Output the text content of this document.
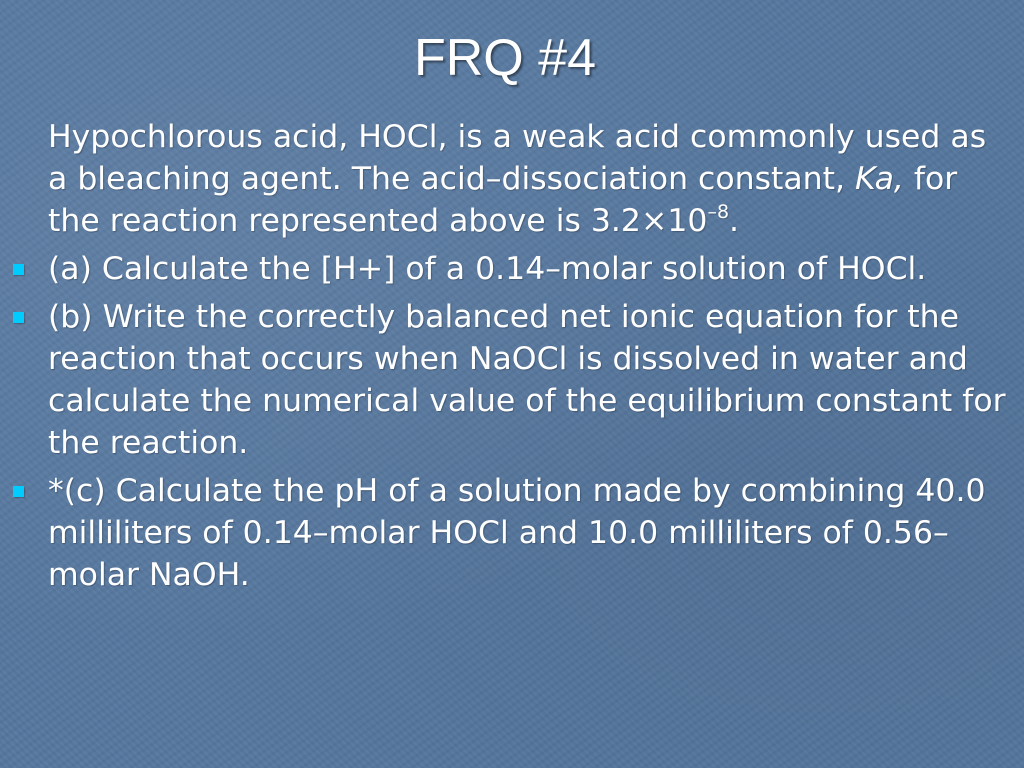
FRQ #4
Hypochlorous acid, HOCl, is a weak acid commonly used as a bleaching agent. The acid–dissociation constant, Ka, for the reaction represented above is $3.2\times 10^{-8}$.
(a) Calculate the [H+] of a 0.14–molar solution of HOCl.
(b) Write the correctly balanced net ionic equation for the reaction that occurs when NaOCl is dissolved in water and calculate the numerical value of the equilibrium constant for the reaction.
*(c) Calculate the pH of a solution made by combining 40.0 milliliters of 0.14–molar HOCl and 10.0 milliliters of 0.56–molar NaOH.
